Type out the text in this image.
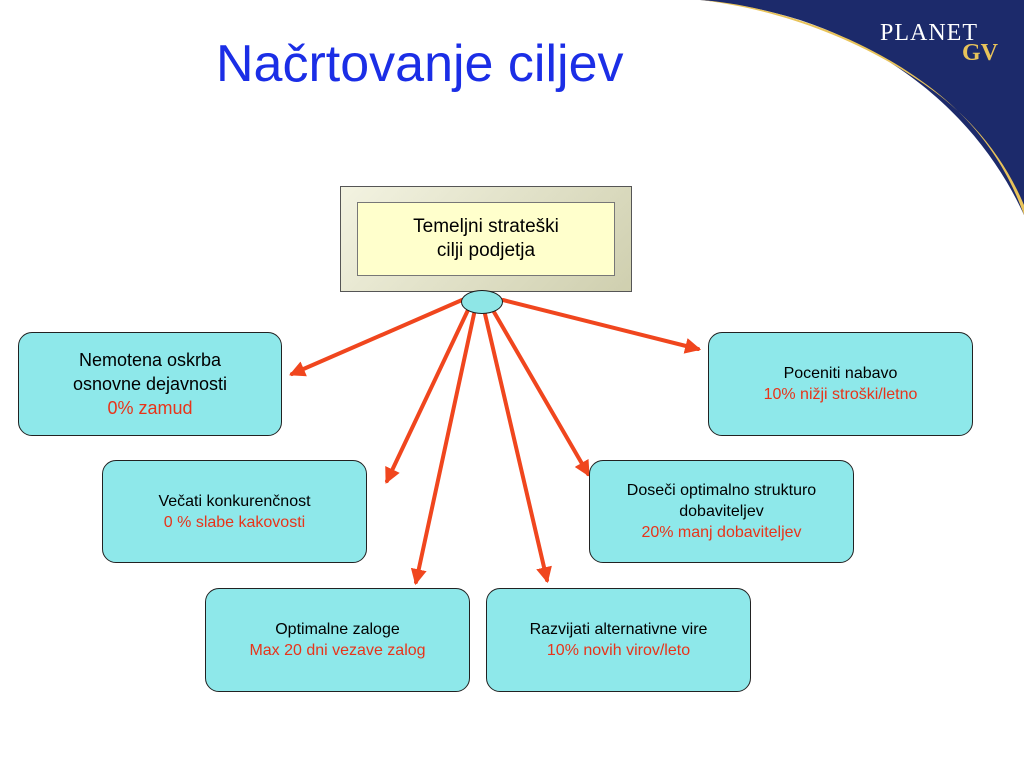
PLANET
GV
Načrtovanje ciljev
Temeljni strateški
cilji podjetja
Nemotena oskrba
osnovne dejavnosti
0% zamud
Poceniti nabavo
10% nižji stroški/letno
Večati konkurenčnost
0 % slabe kakovosti
Doseči optimalno strukturo
dobaviteljev
20% manj dobaviteljev
Optimalne zaloge
Max 20 dni vezave zalog
Razvijati alternativne vire
10% novih virov/leto
